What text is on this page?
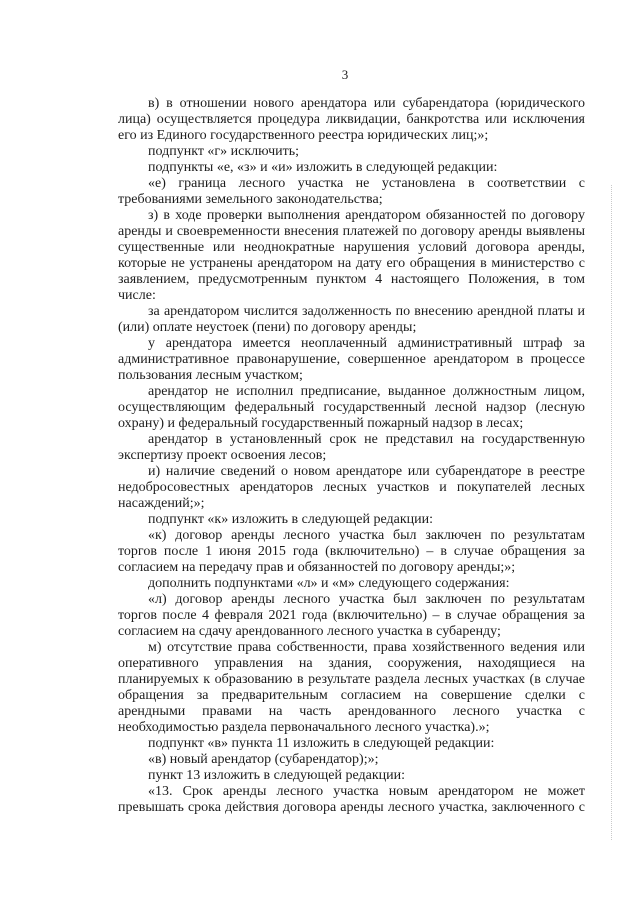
3
в) в отношении нового арендатора или субарендатора (юридического
лица) осуществляется процедура ликвидации, банкротства или исключения
его из Единого государственного реестра юридических лиц;»;
подпункт «г» исключить;
подпункты «е, «з» и «и» изложить в следующей редакции:
«е) граница лесного участка не установлена в соответствии с
требованиями земельного законодательства;
з) в ходе проверки выполнения арендатором обязанностей по договору
аренды и своевременности внесения платежей по договору аренды выявлены
существенные или неоднократные нарушения условий договора аренды,
которые не устранены арендатором на дату его обращения в министерство с
заявлением, предусмотренным пунктом 4 настоящего Положения, в том
числе:
за арендатором числится задолженность по внесению арендной платы и
(или) оплате неустоек (пени) по договору аренды;
у арендатора имеется неоплаченный административный штраф за
административное правонарушение, совершенное арендатором в процессе
пользования лесным участком;
арендатор не исполнил предписание, выданное должностным лицом,
осуществляющим федеральный государственный лесной надзор (лесную
охрану) и федеральный государственный пожарный надзор в лесах;
арендатор в установленный срок не представил на государственную
экспертизу проект освоения лесов;
и) наличие сведений о новом арендаторе или субарендаторе в реестре
недобросовестных арендаторов лесных участков и покупателей лесных
насаждений;»;
подпункт «к» изложить в следующей редакции:
«к) договор аренды лесного участка был заключен по результатам
торгов после 1 июня 2015 года (включительно) – в случае обращения за
согласием на передачу прав и обязанностей по договору аренды;»;
дополнить подпунктами «л» и «м» следующего содержания:
«л) договор аренды лесного участка был заключен по результатам
торгов после 4 февраля 2021 года (включительно) – в случае обращения за
согласием на сдачу арендованного лесного участка в субаренду;
м) отсутствие права собственности, права хозяйственного ведения или
оперативного управления на здания, сооружения, находящиеся на
планируемых к образованию в результате раздела лесных участках (в случае
обращения за предварительным согласием на совершение сделки с
арендными правами на часть арендованного лесного участка с
необходимостью раздела первоначального лесного участка).»;
подпункт «в» пункта 11 изложить в следующей редакции:
«в) новый арендатор (субарендатор);»;
пункт 13 изложить в следующей редакции:
«13. Срок аренды лесного участка новым арендатором не может
превышать срока действия договора аренды лесного участка, заключенного с
